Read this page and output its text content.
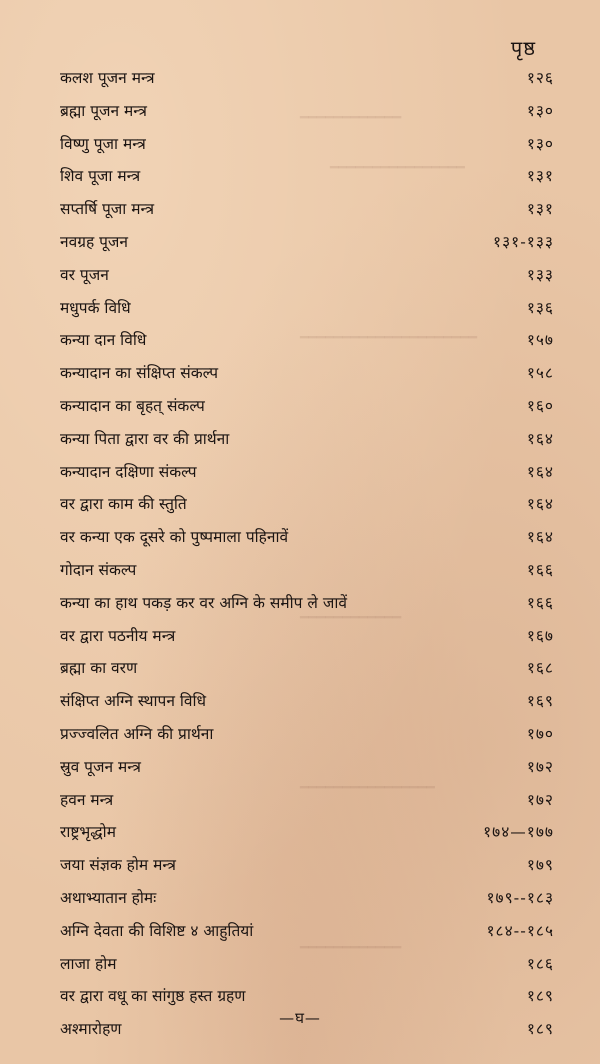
━━━━━━━━━━━━
━━━━━━━━━━━━━━━━
━━━━━━━━━━━━━━━━━━━━━
━━━━━━━━━━━━
━━━━━━━━━━━━━━━━
━━━━━━━━━━━━
पृष्ठ
कलश पूजन मन्त्र	१२६
ब्रह्मा पूजन मन्त्र	१३०
विष्णु पूजा मन्त्र	१३०
शिव पूजा मन्त्र	१३१
सप्तर्षि पूजा मन्त्र	१३१
नवग्रह पूजन	१३१-१३३
वर पूजन	१३३
मधुपर्क विधि	१३६
कन्या दान विधि	१५७
कन्यादान का संक्षिप्त संकल्प	१५८
कन्यादान का बृहत् संकल्प	१६०
कन्या पिता द्वारा वर की प्रार्थना	१६४
कन्यादान दक्षिणा संकल्प	१६४
वर द्वारा काम की स्तुति	१६४
वर कन्या एक दूसरे को पुष्पमाला पहिनावें	१६४
गोदान संकल्प	१६६
कन्या का हाथ पकड़ कर वर अग्नि के समीप ले जावें	१६६
वर द्वारा पठनीय मन्त्र	१६७
ब्रह्मा का वरण	१६८
संक्षिप्त अग्नि स्थापन विधि	१६९
प्रज्ज्वलित अग्नि की प्रार्थना	१७०
स्रुव पूजन मन्त्र	१७२
हवन मन्त्र	१७२
राष्ट्रभृद्धोम	१७४—१७७
जया संज्ञक होम मन्त्र	१७९
अथाभ्यातान होमः	१७९--१८३
अग्नि देवता की विशिष्ट ४ आहुतियां	१८४--१८५
लाजा होम	१८६
वर द्वारा वधू का सांगुष्ठ हस्त ग्रहण	१८९
अश्मारोहण	१८९
—घ—
